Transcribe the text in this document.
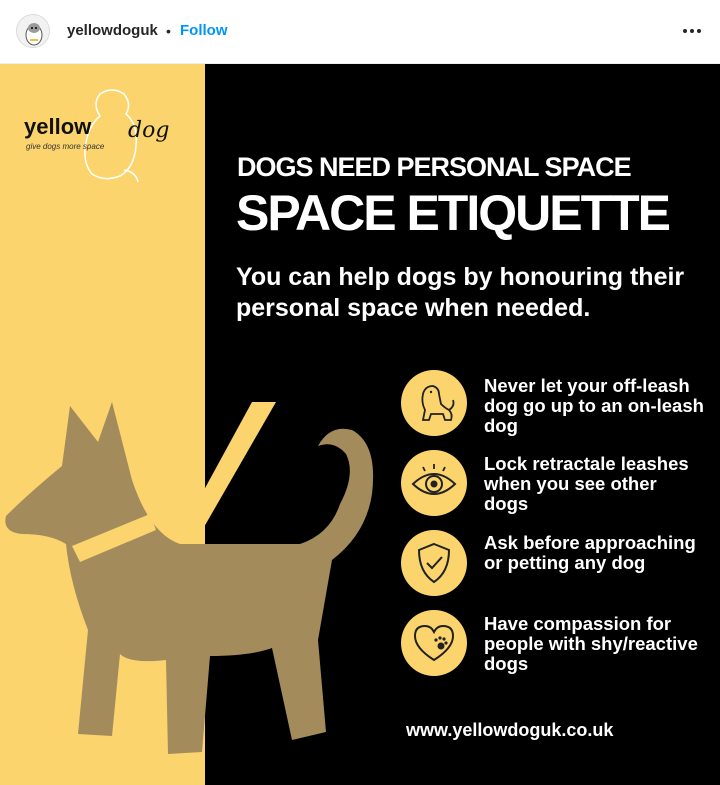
yellowdoguk • Follow
yellow dog
give dogs more space
DOGS NEED PERSONAL SPACE
SPACE ETIQUETTE
You can help dogs by honouring their personal space when needed.
Never let your off-leash dog go up to an on-leash dog
Lock retractale leashes when you see other dogs
Ask before approaching or petting any dog
Have compassion for people with shy/reactive dogs
www.yellowdoguk.co.uk
